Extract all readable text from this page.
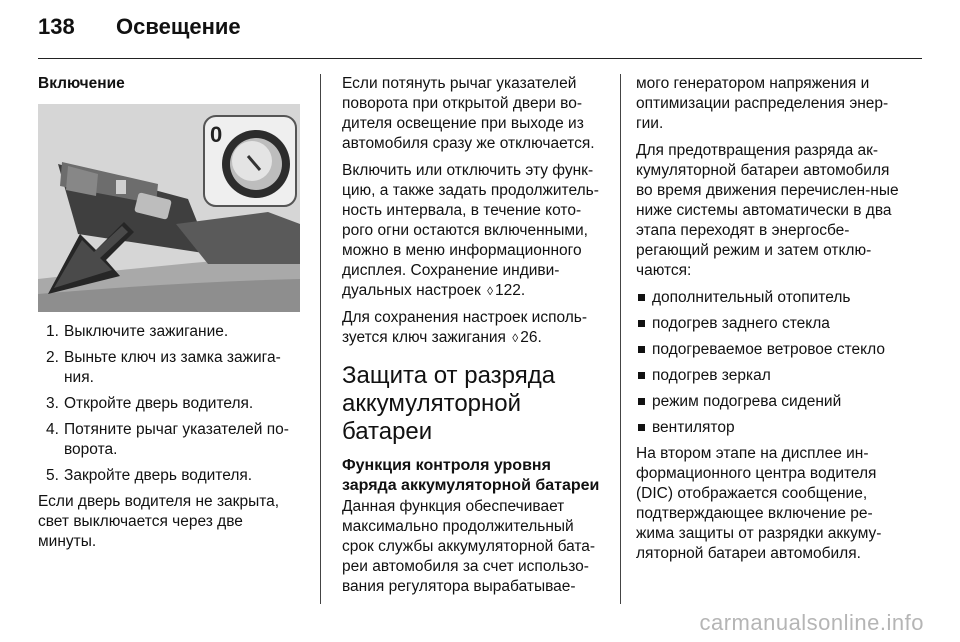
138 Освещение
Включение
0
1. Выключите зажигание.
2. Выньте ключ из замка зажига-ния.
3. Откройте дверь водителя.
4. Потяните рычаг указателей по-ворота.
5. Закройте дверь водителя.

Если дверь водителя не закрыта, свет выключается через две минуты.

Если потянуть рычаг указателей поворота при открытой двери во-дителя освещение при выходе из автомобиля сразу же отключается.

Включить или отключить эту функ-цию, а также задать продолжитель-ность интервала, в течение кото-рого огни остаются включенными, можно в меню информационного дисплея. Сохранение индиви-дуальных настроек ◊ 122.

Для сохранения настроек исполь-зуется ключ зажигания ◊ 26.

Защита от разряда аккумуляторной батареи
Функция контроля уровня заряда аккумуляторной батареи

Данная функция обеспечивает максимально продолжительный срок службы аккумуляторной бата-реи автомобиля за счет использо-вания регулятора вырабатывае-

мого генератором напряжения и оптимизации распределения энер-гии.

Для предотвращения разряда ак-кумуляторной батареи автомобиля во время движения перечислен-ные ниже системы автоматически в два этапа переходят в энергосбе-регающий режим и затем отклю-чаются:

дополнительный отопитель
подогрев заднего стекла
подогреваемое ветровое стекло
подогрев зеркал
режим подогрева сидений
вентилятор

На втором этапе на дисплее ин-формационного центра водителя (DIC) отображается сообщение, подтверждающее включение ре-жима защиты от разрядки аккуму-ляторной батареи автомобиля.

carmanualsonline.info
